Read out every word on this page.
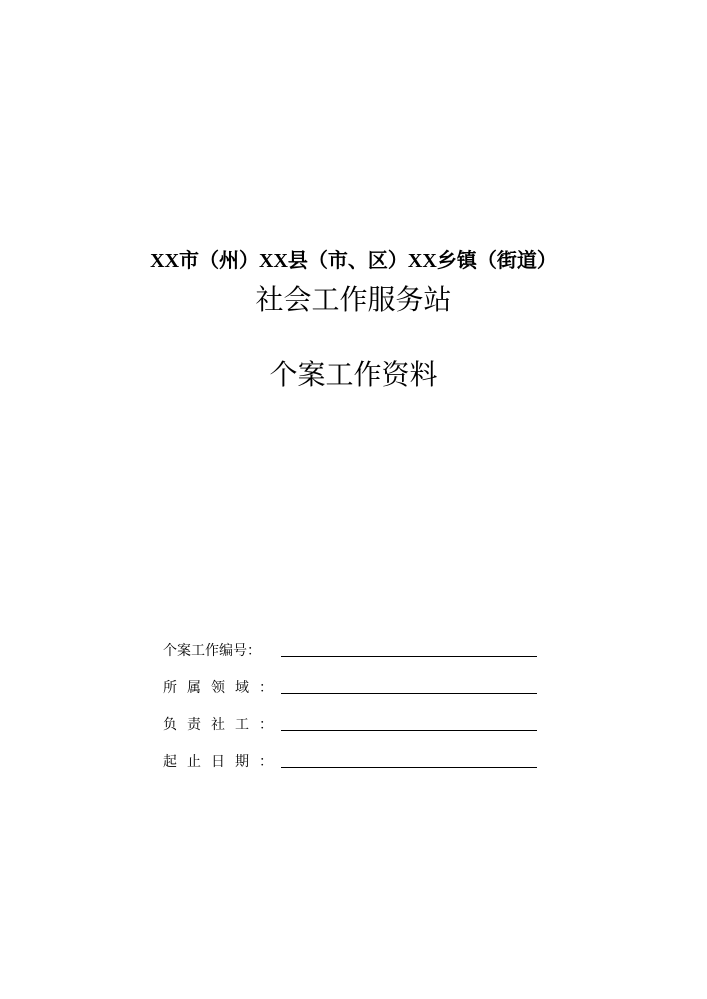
XX市（州）XX县（市、区）XX乡镇（街道）
社会工作服务站
个案工作资料
个案工作编号：
所属领域：
负责社工：
起止日期：
